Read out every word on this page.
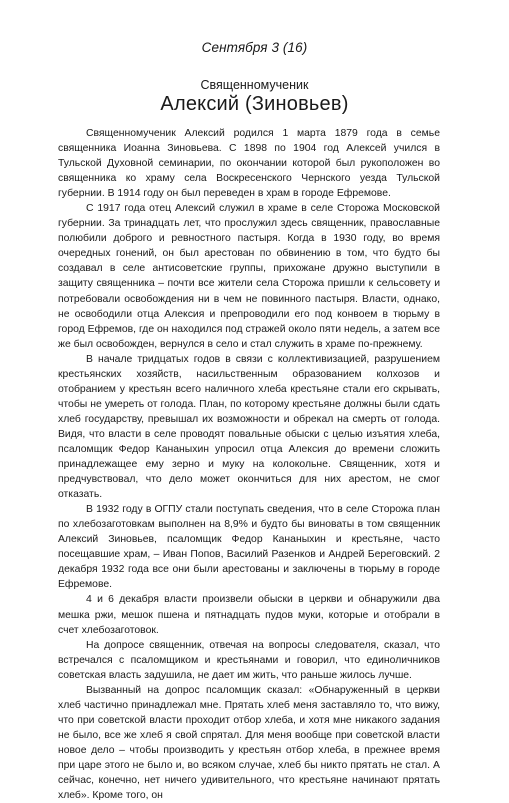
Сентября 3 (16)
Священномученик
Алексий (Зиновьев)

Священномученик Алексий родился 1 марта 1879 года в семье священника Иоанна Зиновьева. С 1898 по 1904 год Алексей учился в Тульской Духовной семинарии, по окончании которой был рукоположен во священника ко храму села Воскресенского Чернского уезда Тульской губернии. В 1914 году он был переведен в храм в городе Ефремове.

С 1917 года отец Алексий служил в храме в селе Сторожа Московской губернии. За тринадцать лет, что прослужил здесь священник, православные полюбили доброго и ревностного пастыря. Когда в 1930 году, во время очередных гонений, он был арестован по обвинению в том, что будто бы создавал в селе антисоветские группы, прихожане дружно выступили в защиту священника – почти все жители села Сторожа пришли к сельсовету и потребовали освобождения ни в чем не повинного пастыря. Власти, однако, не освободили отца Алексия и препроводили его под конвоем в тюрьму в город Ефремов, где он находился под стражей около пяти недель, а затем все же был освобожден, вернулся в село и стал служить в храме по-прежнему.

В начале тридцатых годов в связи с коллективизацией, разрушением крестьянских хозяйств, насильственным образованием колхозов и отобранием у крестьян всего наличного хлеба крестьяне стали его скрывать, чтобы не умереть от голода. План, по которому крестьяне должны были сдать хлеб государству, превышал их возможности и обрекал на смерть от голода. Видя, что власти в селе проводят повальные обыски с целью изъятия хлеба, псаломщик Федор Кананыхин упросил отца Алексия до времени сложить принадлежащее ему зерно и муку на колокольне. Священник, хотя и предчувствовал, что дело может окончиться для них арестом, не смог отказать.

В 1932 году в ОГПУ стали поступать сведения, что в селе Сторожа план по хлебозаготовкам выполнен на 8,9% и будто бы виноваты в том священник Алексий Зиновьев, псаломщик Федор Кананыхин и крестьяне, часто посещавшие храм, – Иван Попов, Василий Разенков и Андрей Береговский. 2 декабря 1932 года все они были арестованы и заключены в тюрьму в городе Ефремове.

4 и 6 декабря власти произвели обыски в церкви и обнаружили два мешка ржи, мешок пшена и пятнадцать пудов муки, которые и отобрали в счет хлебозаготовок.

На допросе священник, отвечая на вопросы следователя, сказал, что встречался с псаломщиком и крестьянами и говорил, что единоличников советская власть задушила, не дает им жить, что раньше жилось лучше.

Вызванный на допрос псаломщик сказал: «Обнаруженный в церкви хлеб частично принадлежал мне. Прятать хлеб меня заставляло то, что вижу, что при советской власти проходит отбор хлеба, и хотя мне никакого задания не было, все же хлеб я свой спрятал. Для меня вообще при советской власти новое дело – чтобы производить у крестьян отбор хлеба, в прежнее время при царе этого не было и, во всяком случае, хлеб бы никто прятать не стал. А сейчас, конечно, нет ничего удивительного, что крестьяне начинают прятать хлеб». Кроме того, он
